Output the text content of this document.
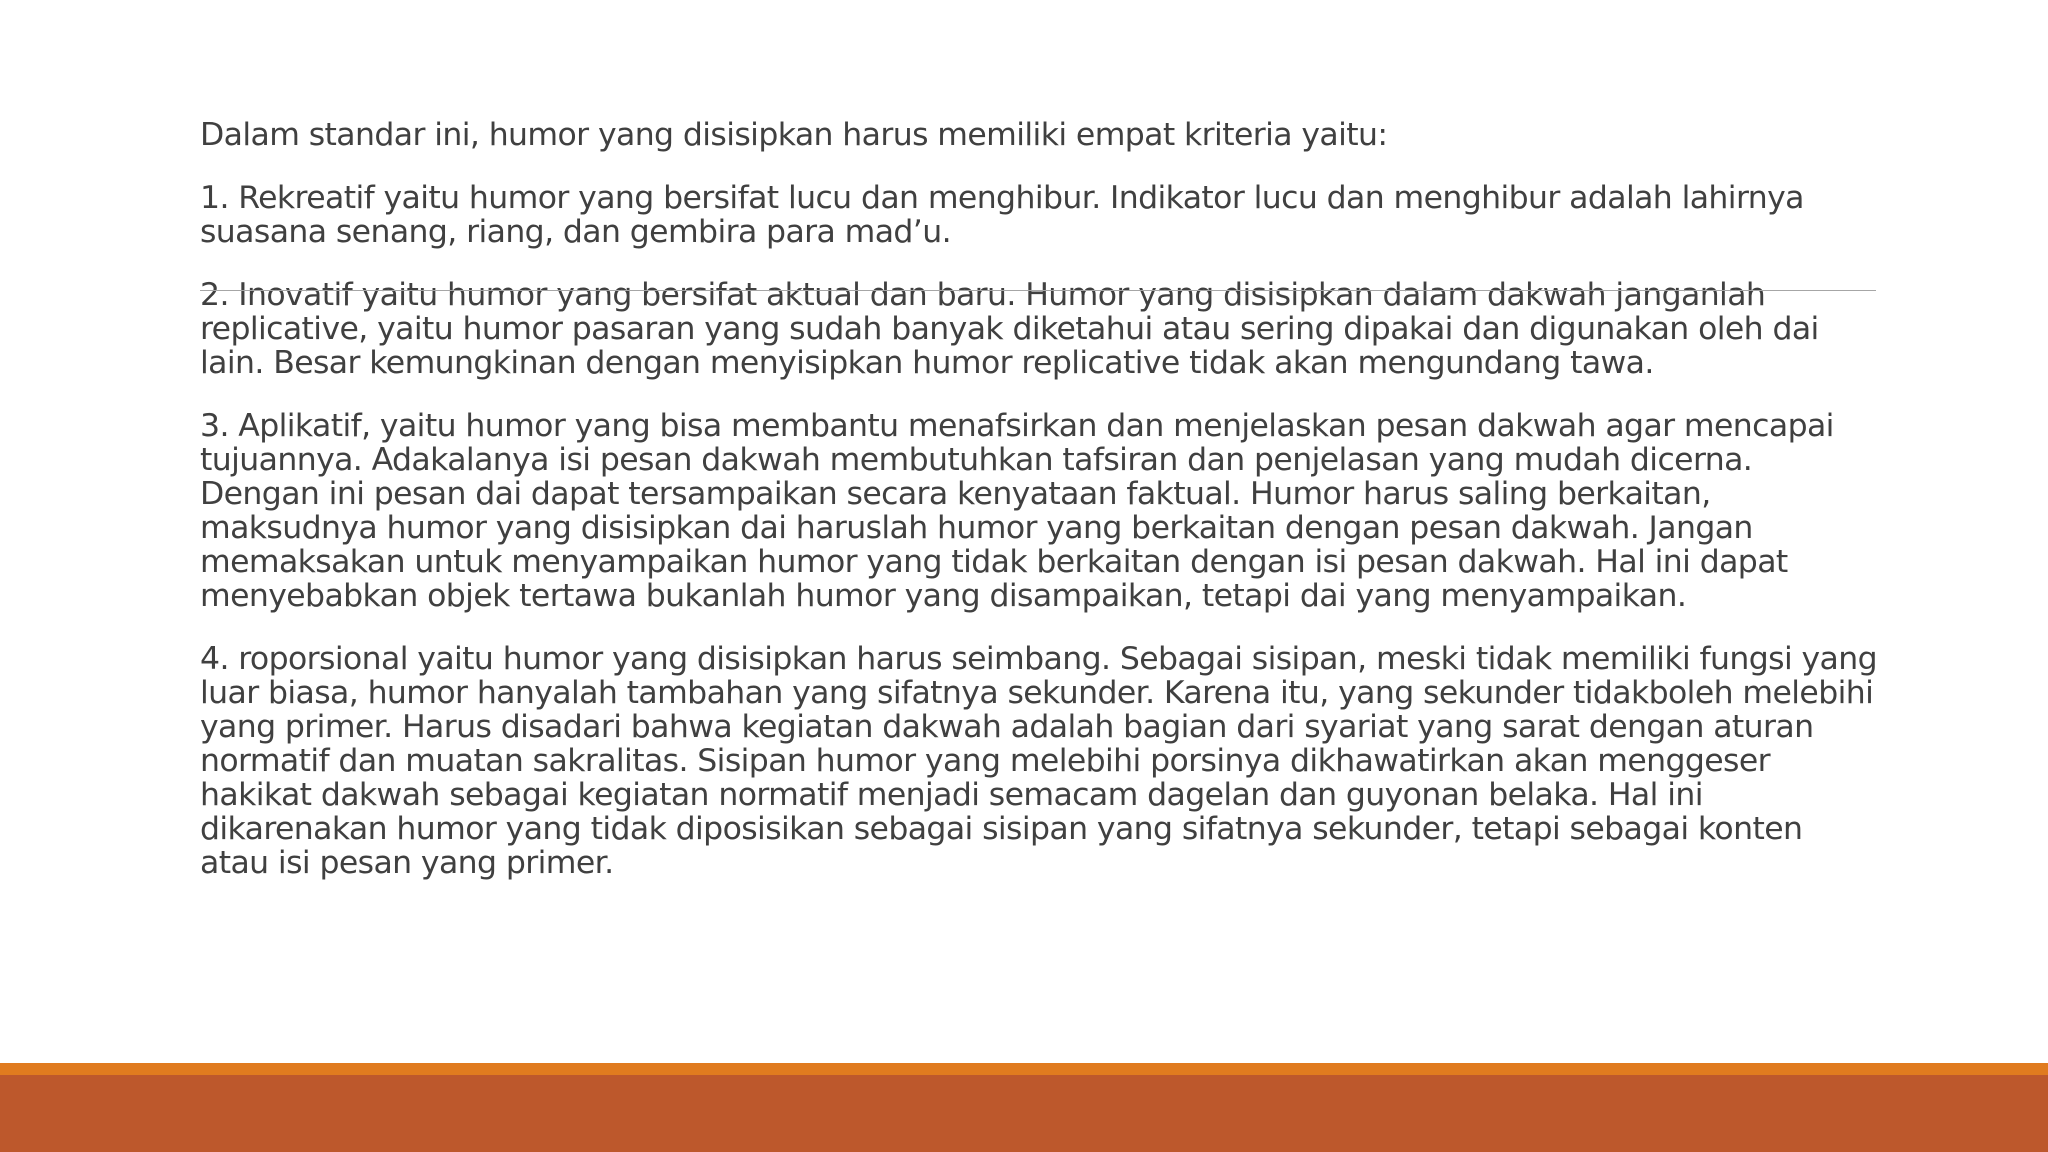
Dalam standar ini, humor yang disisipkan harus memiliki empat kriteria yaitu:

1. Rekreatif yaitu humor yang bersifat lucu dan menghibur. Indikator lucu dan menghibur adalah lahirnya suasana senang, riang, dan gembira para mad’u.

2. Inovatif yaitu humor yang bersifat aktual dan baru. Humor yang disisipkan dalam dakwah janganlah replicative, yaitu humor pasaran yang sudah banyak diketahui atau sering dipakai dan digunakan oleh dai lain. Besar kemungkinan dengan menyisipkan humor replicative tidak akan mengundang tawa.

3. Aplikatif, yaitu humor yang bisa membantu menafsirkan dan menjelaskan pesan dakwah agar mencapai tujuannya. Adakalanya isi pesan dakwah membutuhkan tafsiran dan penjelasan yang mudah dicerna. Dengan ini pesan dai dapat tersampaikan secara kenyataan faktual. Humor harus saling berkaitan, maksudnya humor yang disisipkan dai haruslah humor yang berkaitan dengan pesan dakwah. Jangan memaksakan untuk menyampaikan humor yang tidak berkaitan dengan isi pesan dakwah. Hal ini dapat menyebabkan objek tertawa bukanlah humor yang disampaikan, tetapi dai yang menyampaikan.

4. roporsional yaitu humor yang disisipkan harus seimbang. Sebagai sisipan, meski tidak memiliki fungsi yang luar biasa, humor hanyalah tambahan yang sifatnya sekunder. Karena itu, yang sekunder tidakboleh melebihi yang primer. Harus disadari bahwa kegiatan dakwah adalah bagian dari syariat yang sarat dengan aturan normatif dan muatan sakralitas. Sisipan humor yang melebihi porsinya dikhawatirkan akan menggeser hakikat dakwah sebagai kegiatan normatif menjadi semacam dagelan dan guyonan belaka. Hal ini dikarenakan humor yang tidak diposisikan sebagai sisipan yang sifatnya sekunder, tetapi sebagai konten atau isi pesan yang primer.
